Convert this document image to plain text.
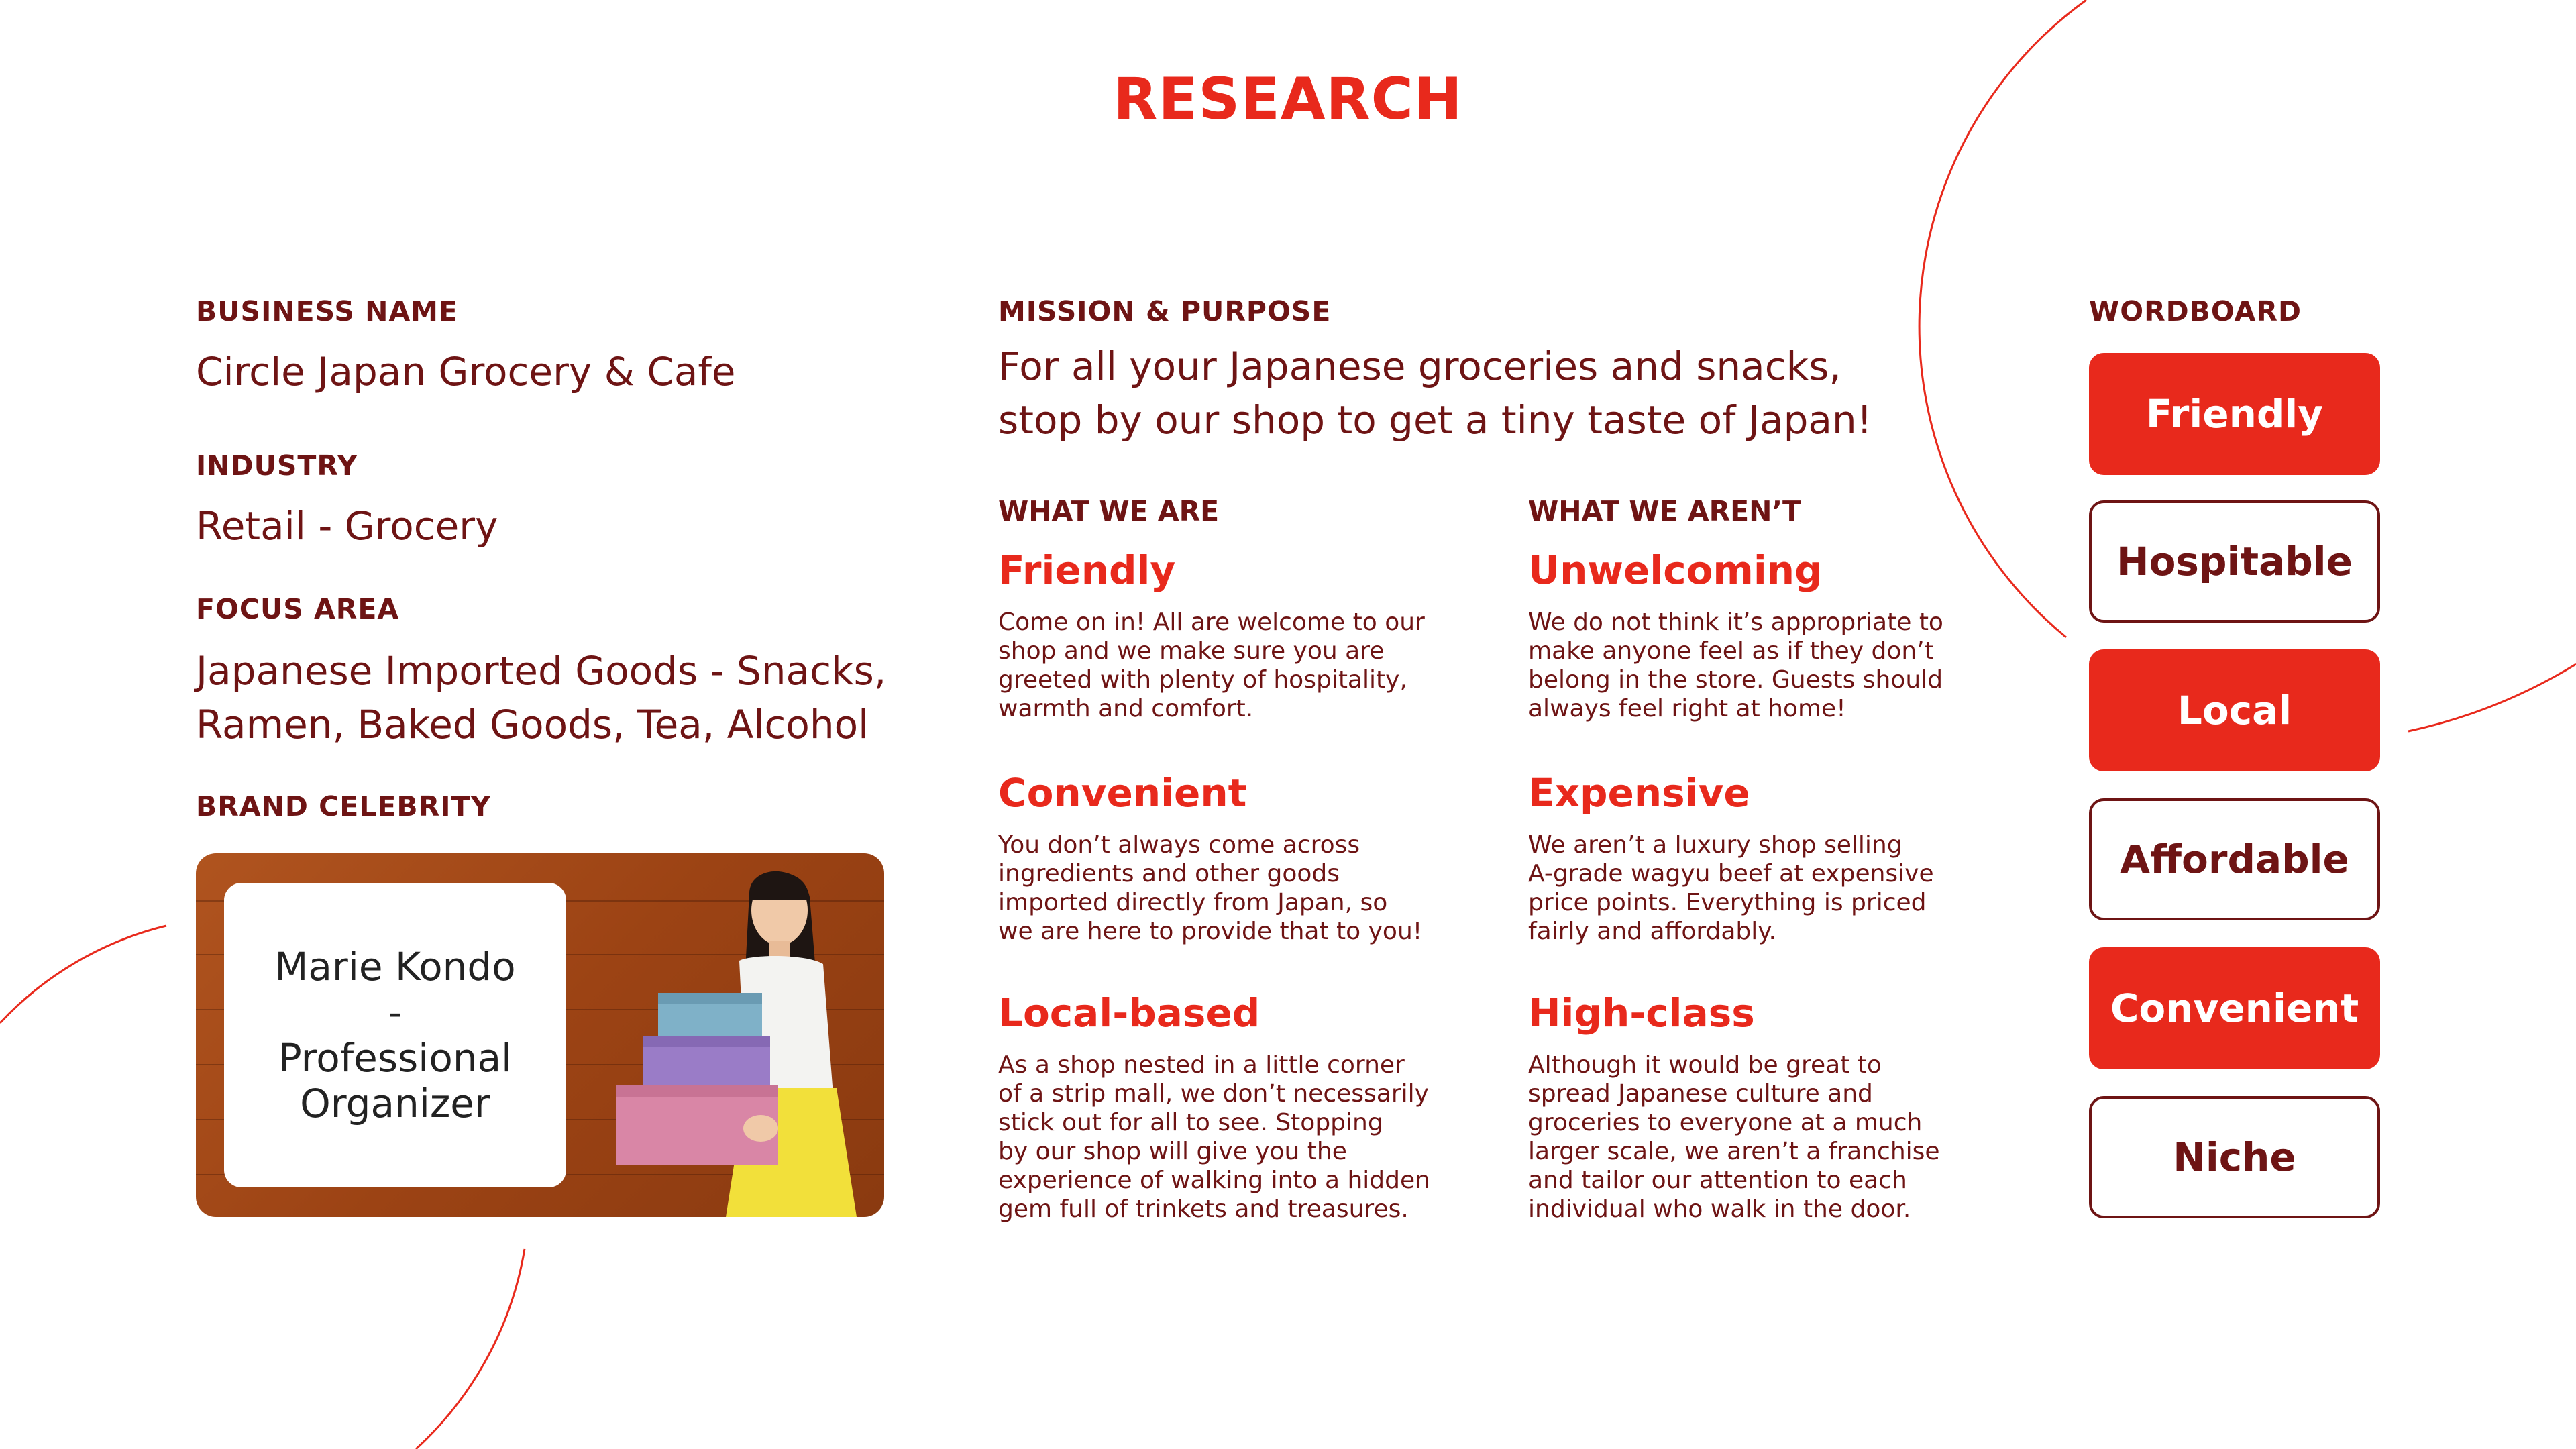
RESEARCH
BUSINESS NAME
Circle Japan Grocery & Cafe
INDUSTRY
Retail - Grocery
FOCUS AREA
Japanese Imported Goods - Snacks,
Ramen, Baked Goods, Tea, Alcohol
BRAND CELEBRITY
Marie Kondo
-
Professional
Organizer
MISSION & PURPOSE
For all your Japanese groceries and snacks,
stop by our shop to get a tiny taste of Japan!
WHAT WE ARE	WHAT WE AREN’T
Friendly
Come on in! All are welcome to our
shop and we make sure you are
greeted with plenty of hospitality,
warmth and comfort.
Convenient
You don’t always come across
ingredients and other goods
imported directly from Japan, so
we are here to provide that to you!
Local-based
As a shop nested in a little corner
of a strip mall, we don’t necessarily
stick out for all to see. Stopping
by our shop will give you the
experience of walking into a hidden
gem full of trinkets and treasures.
Unwelcoming
We do not think it’s appropriate to
make anyone feel as if they don’t
belong in the store. Guests should
always feel right at home!
Expensive
We aren’t a luxury shop selling
A-grade wagyu beef at expensive
price points. Everything is priced
fairly and affordably.
High-class
Although it would be great to
spread Japanese culture and
groceries to everyone at a much
larger scale, we aren’t a franchise
and tailor our attention to each
individual who walk in the door.
WORDBOARD
Friendly
Hospitable
Local
Affordable
Convenient
Niche
